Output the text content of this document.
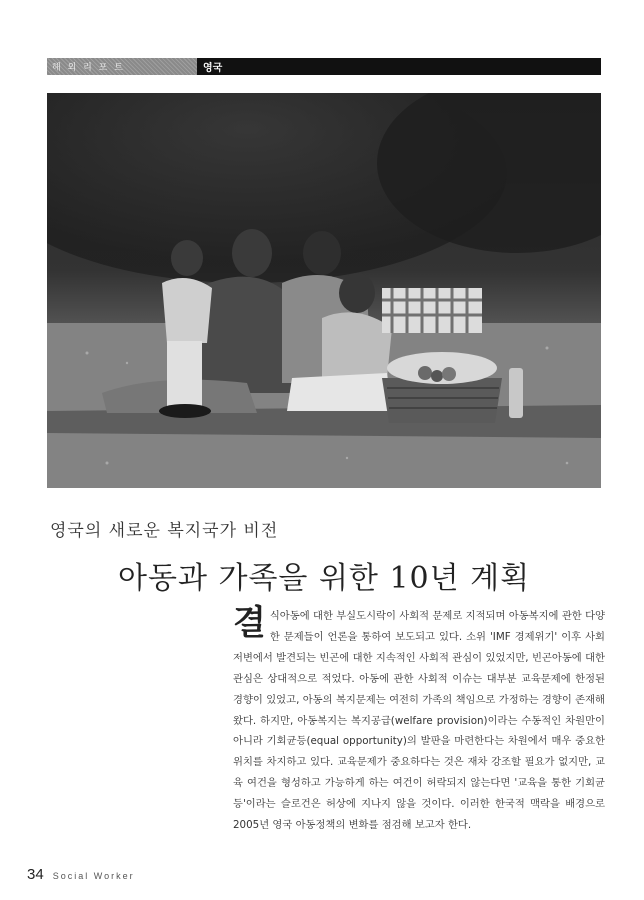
해 외 리 포 트	영국
영국의 새로운 복지국가 비전
아동과 가족을 위한 10년 계획
결 식아동에 대한 부실도시락이 사회적 문제로 지적되며 아동복지에 관한 다양한 문제들이 언론을 통하여 보도되고 있다. 소위 'IMF 경제위기' 이후 사회저변에서 발견되는 빈곤에 대한 지속적인 사회적 관심이 있었지만, 빈곤아동에 대한 관심은 상대적으로 적었다. 아동에 관한 사회적 이슈는 대부분 교육문제에 한정된 경향이 있었고, 아동의 복지문제는 여전히 가족의 책임으로 가정하는 경향이 존재해 왔다. 하지만, 아동복지는 복지공급(welfare provision)이라는 수동적인 차원만이 아니라 기회균등(equal opportunity)의 발판을 마련한다는 차원에서 매우 중요한 위치를 차지하고 있다. 교육문제가 중요하다는 것은 재차 강조할 필요가 없지만, 교육 여건을 형성하고 가능하게 하는 여건이 허락되지 않는다면 '교육을 통한 기회균등'이라는 슬로건은 허상에 지나지 않을 것이다. 이러한 한국적 맥락을 배경으로 2005년 영국 아동정책의 변화를 점검해 보고자 한다.
34 Social Worker
